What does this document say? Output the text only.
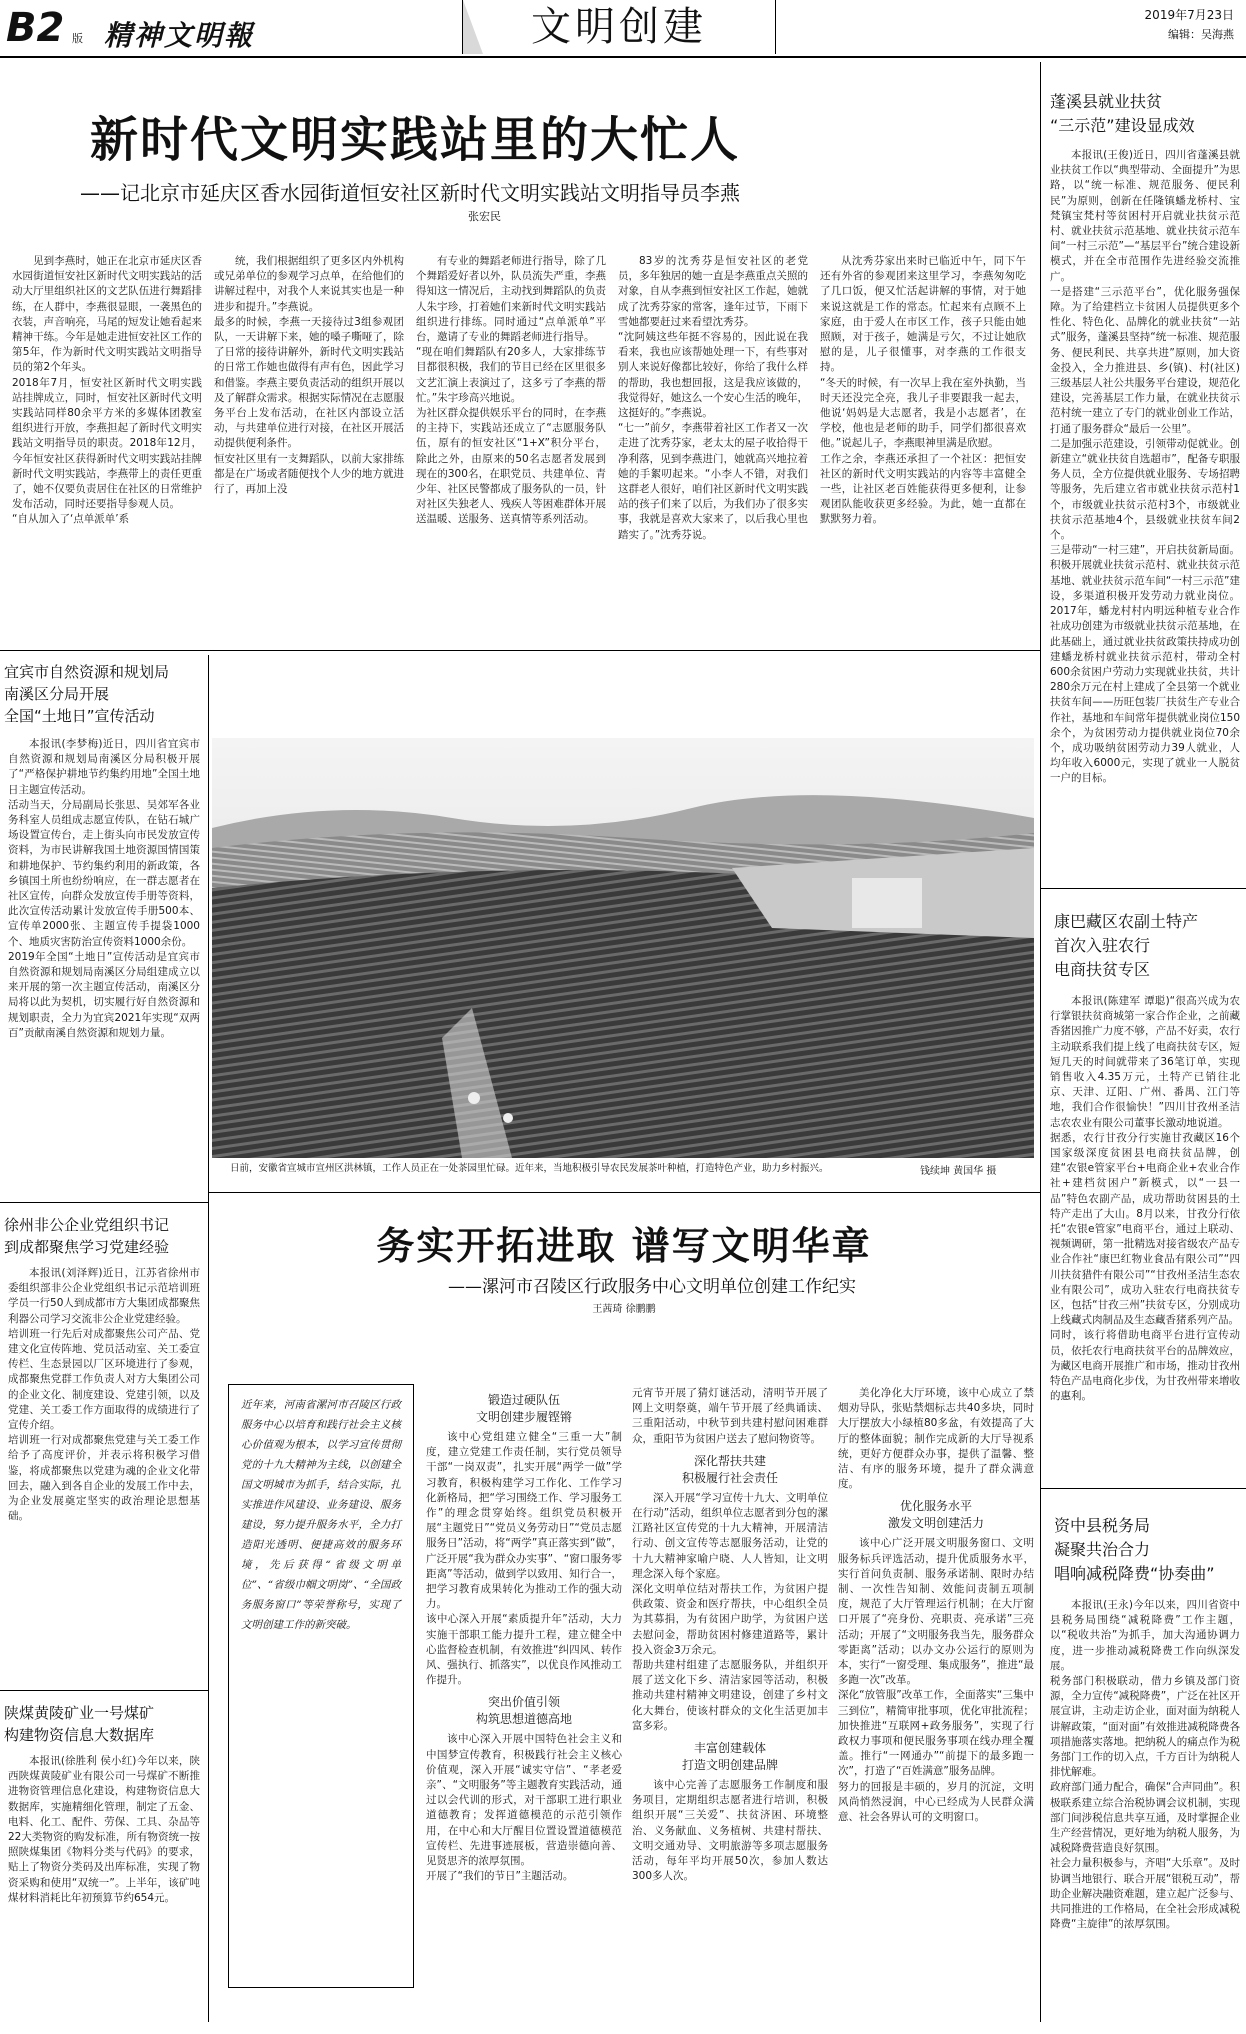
B2 版 精神文明報	文明创建	2019年7月23日
编辑：吴海燕
新时代文明实践站里的大忙人
——记北京市延庆区香水园街道恒安社区新时代文明实践站文明指导员李燕
张宏民

见到李燕时，她正在北京市延庆区香水园街道恒安社区新时代文明实践站的活动大厅里组织社区的文艺队伍进行舞蹈排练，在人群中，李燕很显眼，一袭黑色的衣装，声音响亮，马尾的短发让她看起来精神干练。今年是她走进恒安社区工作的第5年，作为新时代文明实践站文明指导员的第2个年头。
2018年7月，恒安社区新时代文明实践站挂牌成立，同时，恒安社区新时代文明实践站同样80余平方米的多媒体团教室组织进行开放，李燕担起了新时代文明实践站文明指导员的职责。2018年12月，今年恒安社区获得新时代文明实践站挂牌新时代文明实践站，李燕带上的责任更重了，她不仅要负责居住在社区的日常维护发布活动，同时还要指导参观人员。
“自从加入了‘点单派单’系

统，我们根据组织了更多区内外机构或兄弟单位的参观学习点单，在给他们的讲解过程中，对我个人来说其实也是一种进步和提升。”李燕说。
最多的时候，李燕一天接待过3组参观团队，一天讲解下来，她的嗓子嘶哑了，除了日常的接待讲解外，新时代文明实践站的日常工作她也做得有声有色，因此学习和借鉴。李燕主要负责活动的组织开展以及了解群众需求。根据实际情况在志愿服务平台上发布活动，在社区内部设立活动，与共建单位进行对接，在社区开展活动提供便利条件。
恒安社区里有一支舞蹈队，以前大家排练都是在广场或者随便找个人少的地方就进行了，再加上没

有专业的舞蹈老师进行指导，除了几个舞蹈爱好者以外，队员流失严重，李燕得知这一情况后，主动找到舞蹈队的负责人朱宇珍，打着她们来新时代文明实践站组织进行排练。同时通过“点单派单”平台，邀请了专业的舞蹈老师进行指导。
“现在咱们舞蹈队有20多人，大家排练节目都很积极，我们的节目已经在区里很多文艺汇演上表演过了，这多亏了李燕的帮忙。”朱宇珍高兴地说。
为社区群众提供娱乐平台的同时，在李燕的主持下，实践站还成立了“志愿服务队伍，原有的恒安社区“1+X”积分平台，除此之外，由原来的50名志愿者发展到现在的300名，在职党员、共建单位、青少年、社区民警都成了服务队的一员，针对社区失独老人、残疾人等困难群体开展送温暖、送服务、送真情等系列活动。

83岁的沈秀芬是恒安社区的老党员，多年独居的她一直是李燕重点关照的对象，自从李燕到恒安社区工作起，她就成了沈秀芬家的常客，逢年过节，下雨下雪她都要赶过来看望沈秀芬。
“沈阿姨这些年挺不容易的，因此说在我看来，我也应该帮她处理一下，有些事对别人来说好像都比较好，你给了我什么样的帮助，我也想回报，这是我应该做的，我觉得好，她这么一个安心生活的晚年，这挺好的。”李燕说。
“七一”前夕，李燕带着社区工作者又一次走进了沈秀芬家，老太太的屋子收拾得干净利落，见到李燕进门，她就高兴地拉着她的手絮叨起来。“小李人不错，对我们这群老人很好，咱们社区新时代文明实践站的孩子们来了以后，为我们办了很多实事，我就是喜欢大家来了，以后我心里也踏实了。”沈秀芬说。

从沈秀芬家出来时已临近中午，同下午还有外省的参观团来这里学习，李燕匆匆吃了几口饭，便又忙活起讲解的事情，对于她来说这就是工作的常态。忙起来有点顾不上家庭，由于爱人在市区工作，孩子只能由她照顾，对于孩子，她满是亏欠，不过让她欣慰的是，儿子很懂事，对李燕的工作很支持。
“冬天的时候，有一次早上我在室外执勤，当时天还没完全亮，我儿子非要跟我一起去，他说‘妈妈是大志愿者，我是小志愿者’，在学校，他也是老师的助手，同学们都很喜欢他。”说起儿子，李燕眼神里满是欣慰。
工作之余，李燕还承担了一个社区：把恒安社区的新时代文明实践站的内容等丰富健全一些，让社区老百姓能获得更多便利，让参观团队能收获更多经验。为此，她一直都在默默努力着。

宜宾市自然资源和规划局
南溪区分局开展
全国“土地日”宣传活动

本报讯(李梦梅)近日，四川省宜宾市自然资源和规划局南溪区分局积极开展了“严格保护耕地节约集约用地”全国土地日主题宣传活动。
活动当天，分局副局长张思、吴郊军各业务科室人员组成志愿宣传队，在钻石城广场设置宣传台，走上街头向市民发放宣传资料，为市民讲解我国土地资源国情国策和耕地保护、节约集约利用的新政策，各乡镇国土所也纷纷响应，在一群志愿者在社区宣传，向群众发放宣传手册等资料，此次宣传活动累计发放宣传手册500本、宣传单2000张、主题宣传手提袋1000个、地质灾害防治宣传资料1000余份。
2019年全国“土地日”宣传活动是宜宾市自然资源和规划局南溪区分局组建成立以来开展的第一次主题宣传活动，南溪区分局将以此为契机，切实履行好自然资源和规划职责，全力为宜宾2021年实现“双两百”贡献南溪自然资源和规划力量。

徐州非公企业党组织书记
到成都聚焦学习党建经验

本报讯(刘泽辉)近日，江苏省徐州市委组织部非公企业党组织书记示范培训班学员一行50人到成都市方大集团成都聚焦利器公司学习交流非公企业党建经验。
培训班一行先后对成都聚焦公司产品、党建文化宣传阵地、党员活动室、关工委宣传栏、生态景园以厂区环境进行了参观，成都聚焦党群工作负责人对方大集团公司的企业文化、制度建设、党建引领，以及党建、关工委工作方面取得的成绩进行了宣传介绍。
培训班一行对成都聚焦党建与关工委工作给予了高度评价，并表示将积极学习借鉴，将成都聚焦以党建为魂的企业文化带回去，融入到各自企业的发展工作中去，为企业发展奠定坚实的政治理论思想基础。

陕煤黄陵矿业一号煤矿
构建物资信息大数据库

本报讯(徐胜利 侯小红)今年以来，陕西陕煤黄陵矿业有限公司一号煤矿不断推进物资管理信息化建设，构建物资信息大数据库，实施精细化管理，制定了五金、电料、化工、配件、劳保、工具、杂品等22大类物资的购发标准，所有物资统一按照陕煤集团《物料分类与代码》的要求，贴上了物资分类码及出库标准，实现了物资采购和使用“双统一”。上半年，该矿吨煤材料消耗比年初预算节约654元。

日前，安徽省宣城市宣州区洪林镇，工作人员正在一处茶园里忙碌。近年来，当地积极引导农民发展茶叶种植，打造特色产业，助力乡村振兴。	钱续坤 黄国华 摄
务实开拓进取 谱写文明华章
——漯河市召陵区行政服务中心文明单位创建工作纪实
王茜琦 徐鹏鹏
近年来，河南省漯河市召陵区行政服务中心以培育和践行社会主义核心价值观为根本，以学习宣传贯彻党的十九大精神为主线，以创建全国文明城市为抓手，结合实际，扎实推进作风建设、业务建设、服务建设，努力提升服务水平，全力打造阳光透明、便捷高效的服务环境，先后获得“省级文明单位”、“省级巾帼文明岗”、“全国政务服务窗口”等荣誉称号，实现了文明创建工作的新突破。
锻造过硬队伍
文明创建步履铿锵

该中心党组建立健全“三重一大”制度，建立党建工作责任制，实行党员领导干部“一岗双责”，扎实开展“两学一做”学习教育，积极构建学习工作化、工作学习化新格局，把“学习围绕工作、学习服务工作”的理念贯穿始终。组织党员积极开展“主题党日”“党员义务劳动日”“党员志愿服务日”活动，将“两学”真正落实到“做”，广泛开展“我为群众办实事”、“窗口服务零距离”等活动，做到学以致用、知行合一，把学习教育成果转化为推动工作的强大动力。
该中心深入开展“素质提升年”活动，大力实施干部职工能力提升工程，建立健全中心监督检查机制，有效推进“纠四风、转作风、强执行、抓落实”，以优良作风推动工作提升。

突出价值引领
构筑思想道德高地

该中心深入开展中国特色社会主义和中国梦宣传教育，积极践行社会主义核心价值观，深入开展“诚实守信”、“孝老爱亲”、“文明服务”等主题教育实践活动，通过以会代训的形式，对干部职工进行职业道德教育；发挥道德模范的示范引领作用，在中心和大厅醒目位置设置道德模范宣传栏、先进事迹展板，营造崇德向善、见贤思齐的浓厚氛围。
开展了“我们的节日”主题活动。

元宵节开展了猜灯谜活动，清明节开展了网上文明祭奠，端午节开展了经典诵读、三重阳活动，中秋节到共建村慰问困难群众，重阳节为贫困户送去了慰问物资等。

深化帮扶共建
积极履行社会责任

深入开展“学习宣传十九大、文明单位在行动”活动，组织单位志愿者到分包的漯江路社区宣传党的十九大精神，开展清洁行动、创文宣传等志愿服务活动，让党的十九大精神家喻户晓、人人皆知，让文明理念深入每个家庭。
深化文明单位结对帮扶工作，为贫困户提供政策、资金和医疗帮扶，中心组织全员为其募捐，为有贫困户助学，为贫困户送去慰问金，帮助贫困村修建道路等，累计投入资金3万余元。
帮助共建村组建了志愿服务队，并组织开展了送文化下乡、清洁家园等活动，积极推动共建村精神文明建设，创建了乡村文化大舞台，使该村群众的文化生活更加丰富多彩。

丰富创建载体
打造文明创建品牌

该中心完善了志愿服务工作制度和服务项目，定期组织志愿者进行培训，积极组织开展“三关爱”、扶贫济困、环境整治、义务献血、义务植树、共建村帮扶、文明交通劝导、文明旅游等多项志愿服务活动，每年平均开展50次，参加人数达300多人次。

美化净化大厅环境，该中心成立了禁烟劝导队，张贴禁烟标志共40多块，同时大厅摆放大小绿植80多盆，有效提高了大厅的整体面貌；制作完成新的大厅导视系统，更好方便群众办事，提供了温馨、整洁、有序的服务环境，提升了群众满意度。

优化服务水平
激发文明创建活力

该中心广泛开展文明服务窗口、文明服务标兵评选活动，提升优质服务水平，实行首问负责制、服务承诺制、限时办结制、一次性告知制、效能问责制五项制度，规范了大厅管理运行机制；在大厅窗口开展了“亮身份、亮职责、亮承诺”三亮活动；开展了“文明服务我当先，服务群众零距离”活动；以办文办公运行的原则为本，实行“一窗受理、集成服务”，推进“最多跑一次”改革。
深化“放管服”改革工作，全面落实“三集中三到位”，精简审批事项，优化审批流程；加快推进“互联网+政务服务”，实现了行政权力事项和便民服务事项在线办理全覆盖。推行“一网通办”“前提下的最多跑一次”，打造了“百姓满意”服务品牌。
努力的回报是丰硕的，岁月的沉淀，文明风尚悄然浸润，中心已经成为人民群众满意、社会各界认可的文明窗口。

蓬溪县就业扶贫
“三示范”建设显成效

本报讯(王俊)近日，四川省蓬溪县就业扶贫工作以“典型带动、全面提升”为思路，以“统一标准、规范服务、便民利民”为原则，创新在任隆镇蟠龙桥村、宝梵镇宝梵村等贫困村开启就业扶贫示范村、就业扶贫示范基地、就业扶贫示范车间“一村三示范”—“基层平台”统合建设新模式，并在全市范围作先进经验交流推广。
一是搭建“三示范平台”，优化服务强保障。为了给建档立卡贫困人员提供更多个性化、特色化、品牌化的就业扶贫“一站式”服务，蓬溪县坚持“统一标准、规范服务、便民利民、共享共进”原则，加大资金投入，全力推进县、乡(镇)、村(社区)三级基层人社公共服务平台建设，规范化建设，完善基层工作力量，在就业扶贫示范村统一建立了专门的就业创业工作站，打通了服务群众“最后一公里”。
二是加强示范建设，引领带动促就业。创新建立“就业扶贫自选超市”，配备专职服务人员，全方位提供就业服务、专场招聘等服务，先后建立省市就业扶贫示范村1个，市级就业扶贫示范村3个，市级就业扶贫示范基地4个，县级就业扶贫车间2个。
三是带动“一村三建”，开启扶贫新局面。积极开展就业扶贫示范村、就业扶贫示范基地、就业扶贫示范车间“一村三示范”建设，多渠道积极开发劳动力就业岗位。2017年，蟠龙村村内明远种植专业合作社成功创建为市级就业扶贫示范基地，在此基础上，通过就业扶贫政策扶持成功创建蟠龙桥村就业扶贫示范村，带动全村600余贫困户劳动力实现就业扶贫，共计280余万元在村上建成了全县第一个就业扶贫车间——历旺包装厂扶贫生产专业合作社，基地和车间常年提供就业岗位150余个，为贫困劳动力提供就业岗位70余个，成功吸纳贫困劳动力39人就业，人均年收入6000元，实现了就业一人脱贫一户的目标。

康巴藏区农副土特产
首次入驻农行
电商扶贫专区

本报讯(陈建军 谭聪)“很高兴成为农行掌银扶贫商城第一家合作企业，之前藏香猪因推广力度不够，产品不好卖，农行主动联系我们提上线了电商扶贫专区，短短几天的时间就带来了36笔订单，实现销售收入4.35万元，土特产已销往北京、天津、辽阳、广州、番禺、江门等地，我们合作很愉快！”四川甘孜州圣洁志农农业有限公司董事长激动地说道。
据悉，农行甘孜分行实施甘孜藏区16个国家级深度贫困县电商扶贫品牌，创建“农银e管家平台+电商企业+农业合作社+建档贫困户”新模式，以“一县一品”特色农副产品，成功帮助贫困县的土特产走出了大山。8月以来，甘孜分行依托“农银e管家”电商平台，通过上联动、视频调研，第一批精选对接省级农产品专业合作社“康巴红物业食品有限公司”“四川扶贫猎件有限公司”“甘孜州圣洁生态农业有限公司”，成功入驻农行电商扶贫专区，包括“甘孜三州”扶贫专区，分别成功上线藏式肉制品及生态藏香猪系列产品。
同时，该行将借助电商平台进行宣传动员，依托农行电商扶贫平台的品牌效应，为藏区电商开展推广和市场，推动甘孜州特色产品电商化步伐，为甘孜州带来增收的惠利。

资中县税务局
凝聚共治合力
唱响减税降费“协奏曲”

本报讯(王永)今年以来，四川省资中县税务局围绕“减税降费”工作主题，以“税收共治”为抓手，加大沟通协调力度，进一步推动减税降费工作向纵深发展。
税务部门积极联动，借力乡镇及部门资源，全力宣传“减税降费”，广泛在社区开展宣讲，主动走访企业，面对面为纳税人讲解政策，“面对面”有效推进减税降费各项措施落实落地。把纳税人的痛点作为税务部门工作的切入点，千方百计为纳税人排忧解难。
政府部门通力配合，确保“合声同曲”。积极联系建立综合治税协调会议机制，实现部门间涉税信息共享互通，及时掌握企业生产经营情况，更好地为纳税人服务，为减税降费营造良好氛围。
社会力量积极参与，齐唱“大乐章”。及时协调当地银行、联合开展“银税互动”，帮助企业解决融资难题，建立起广泛参与、共同推进的工作格局，在全社会形成减税降费“主旋律”的浓厚氛围。
